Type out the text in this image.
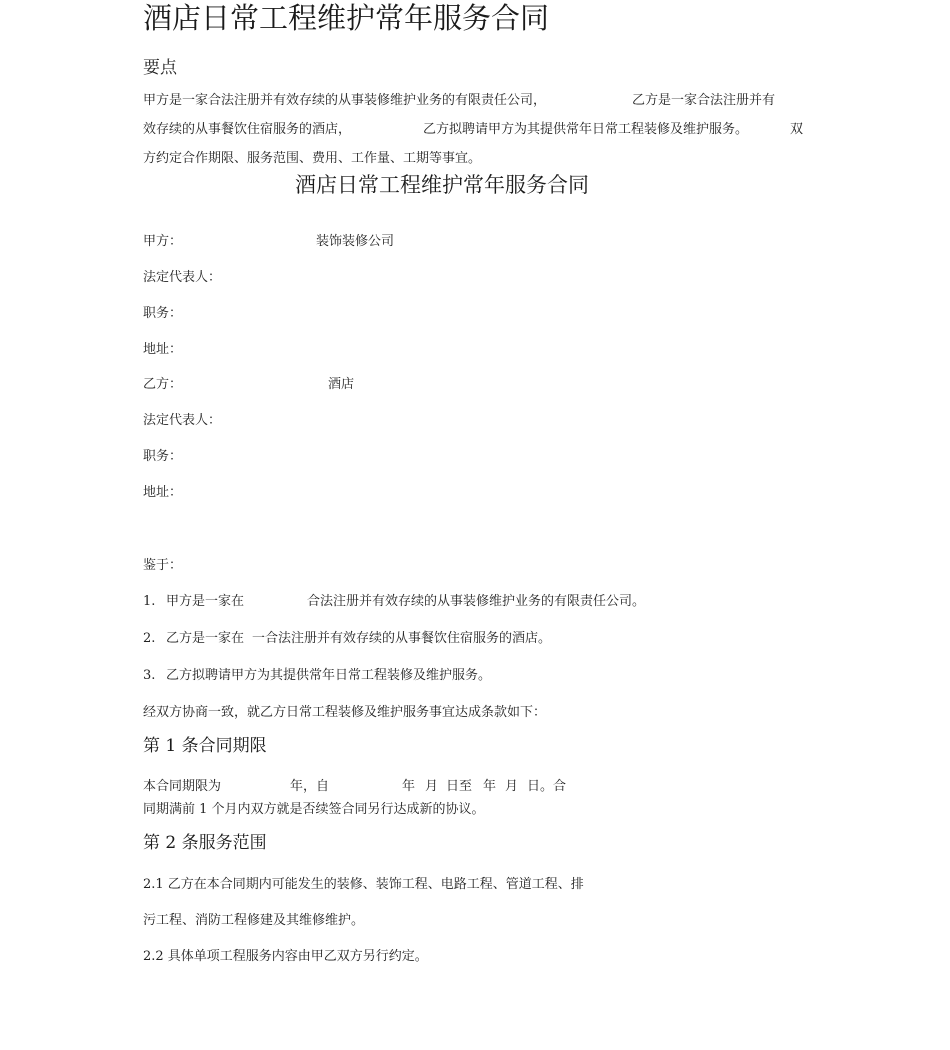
酒店日常工程维护常年服务合同
要点
甲方是一家合法注册并有效存续的从事装修维护业务的有限责任公司，	乙方是一家合法注册并有
效存续的从事餐饮住宿服务的酒店，	乙方拟聘请甲方为其提供常年日常工程装修及维护服务。	双
方约定合作期限、服务范围、费用、工作量、工期等事宜。
酒店日常工程维护常年服务合同
甲方：	装饰装修公司
法定代表人：
职务：
地址：
乙方：	酒店
法定代表人：
职务：
地址：
鉴于：
1. 甲方是一家在	合法注册并有效存续的从事装修维护业务的有限责任公司。
2. 乙方是一家在 一合法注册并有效存续的从事餐饮住宿服务的酒店。
3. 乙方拟聘请甲方为其提供常年日常工程装修及维护服务。
经双方协商一致，就乙方日常工程装修及维护服务事宜达成条款如下：
第 1 条合同期限
本合同期限为	年，自	年 月 日至 年 月 日。合
同期满前 1 个月内双方就是否续签合同另行达成新的协议。
第 2 条服务范围
2.1 乙方在本合同期内可能发生的装修、装饰工程、电路工程、管道工程、排
污工程、消防工程修建及其维修维护。
2.2 具体单项工程服务内容由甲乙双方另行约定。
